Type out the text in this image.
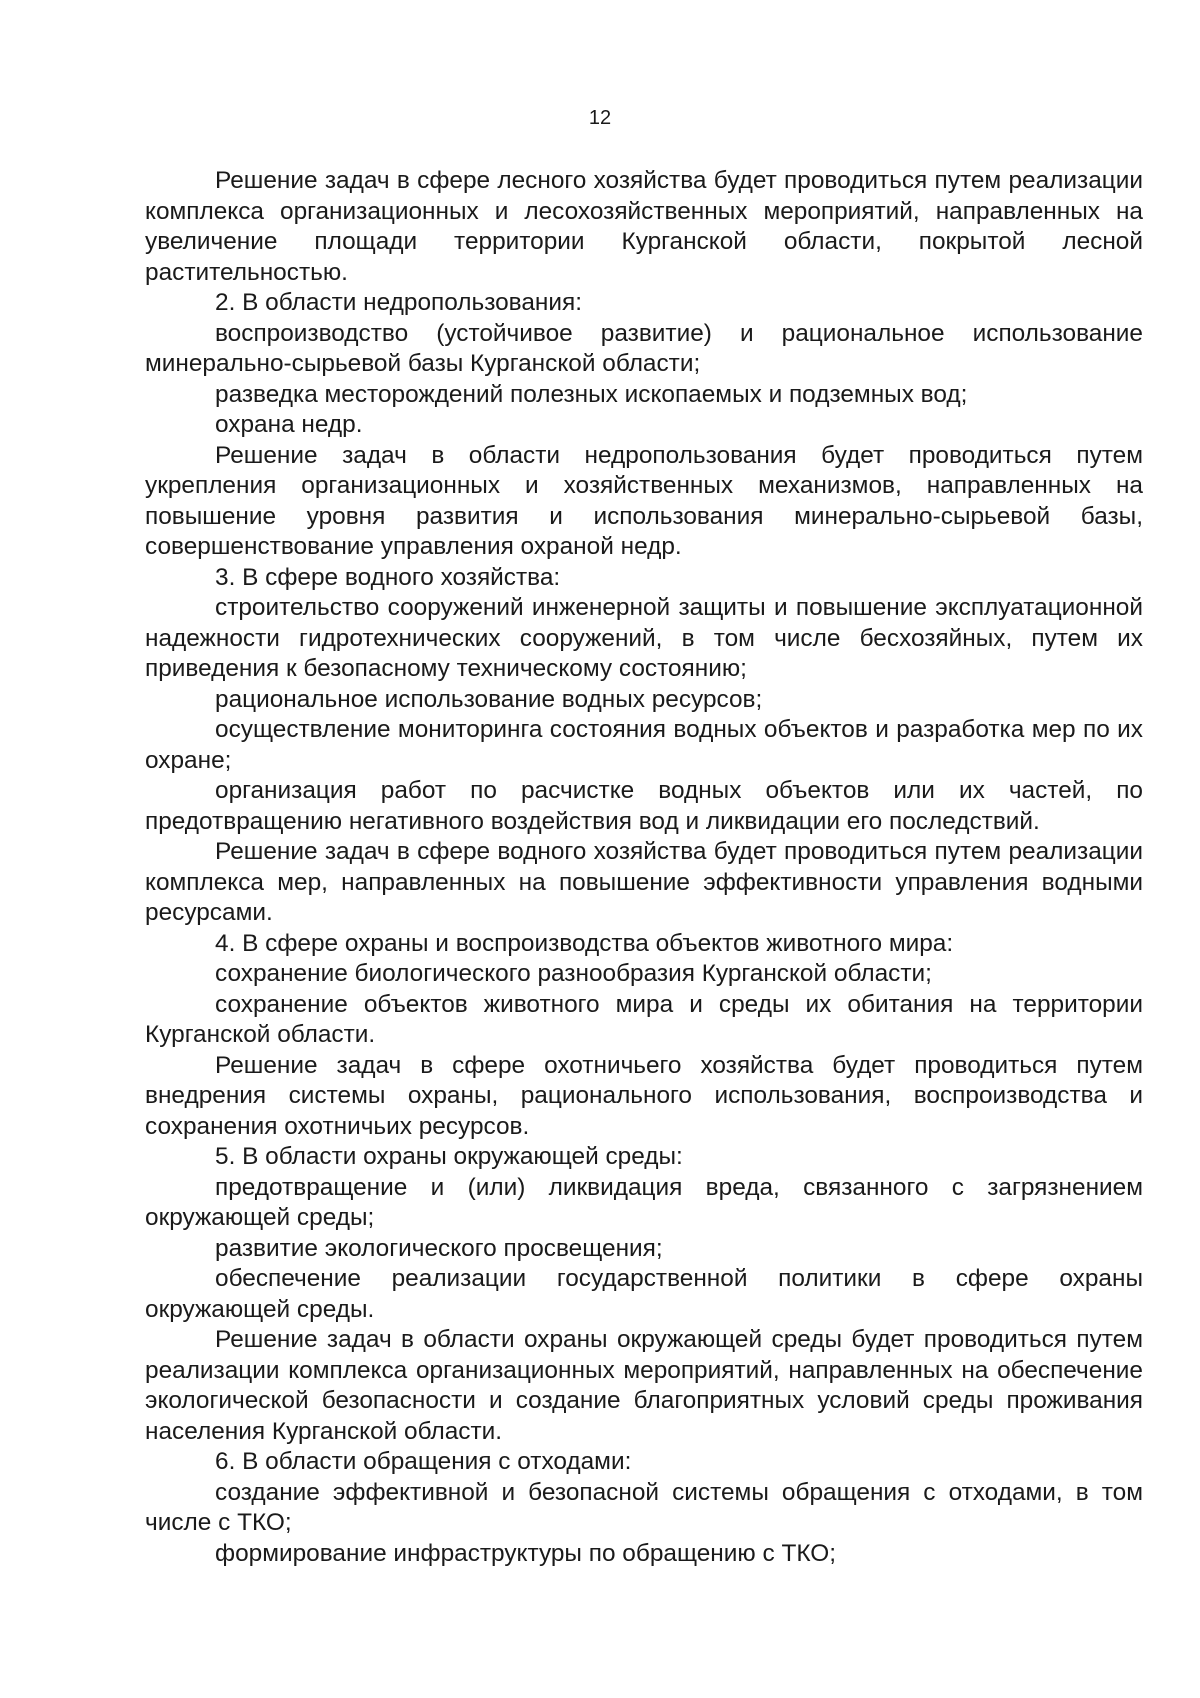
12

Решение задач в сфере лесного хозяйства будет проводиться путем реализации комплекса организационных и лесохозяйственных мероприятий, направленных на увеличение площади территории Курганской области, покрытой лесной растительностью.

2. В области недропользования:

воспроизводство (устойчивое развитие) и рациональное использование минерально-сырьевой базы Курганской области;

разведка месторождений полезных ископаемых и подземных вод;

охрана недр.

Решение задач в области недропользования будет проводиться путем укрепления организационных и хозяйственных механизмов, направленных на повышение уровня развития и использования минерально-сырьевой базы, совершенствование управления охраной недр.

3. В сфере водного хозяйства:

строительство сооружений инженерной защиты и повышение эксплуатационной надежности гидротехнических сооружений, в том числе бесхозяйных, путем их приведения к безопасному техническому состоянию;

рациональное использование водных ресурсов;

осуществление мониторинга состояния водных объектов и разработка мер по их охране;

организация работ по расчистке водных объектов или их частей, по предотвращению негативного воздействия вод и ликвидации его последствий.

Решение задач в сфере водного хозяйства будет проводиться путем реализации комплекса мер, направленных на повышение эффективности управления водными ресурсами.

4. В сфере охраны и воспроизводства объектов животного мира:

сохранение биологического разнообразия Курганской области;

сохранение объектов животного мира и среды их обитания на территории Курганской области.

Решение задач в сфере охотничьего хозяйства будет проводиться путем внедрения системы охраны, рационального использования, воспроизводства и сохранения охотничьих ресурсов.

5. В области охраны окружающей среды:

предотвращение и (или) ликвидация вреда, связанного с загрязнением окружающей среды;

развитие экологического просвещения;

обеспечение реализации государственной политики в сфере охраны окружающей среды.

Решение задач в области охраны окружающей среды будет проводиться путем реализации комплекса организационных мероприятий, направленных на обеспечение экологической безопасности и создание благоприятных условий среды проживания населения Курганской области.

6. В области обращения с отходами:

создание эффективной и безопасной системы обращения с отходами, в том числе с ТКО;

формирование инфраструктуры по обращению с ТКО;
